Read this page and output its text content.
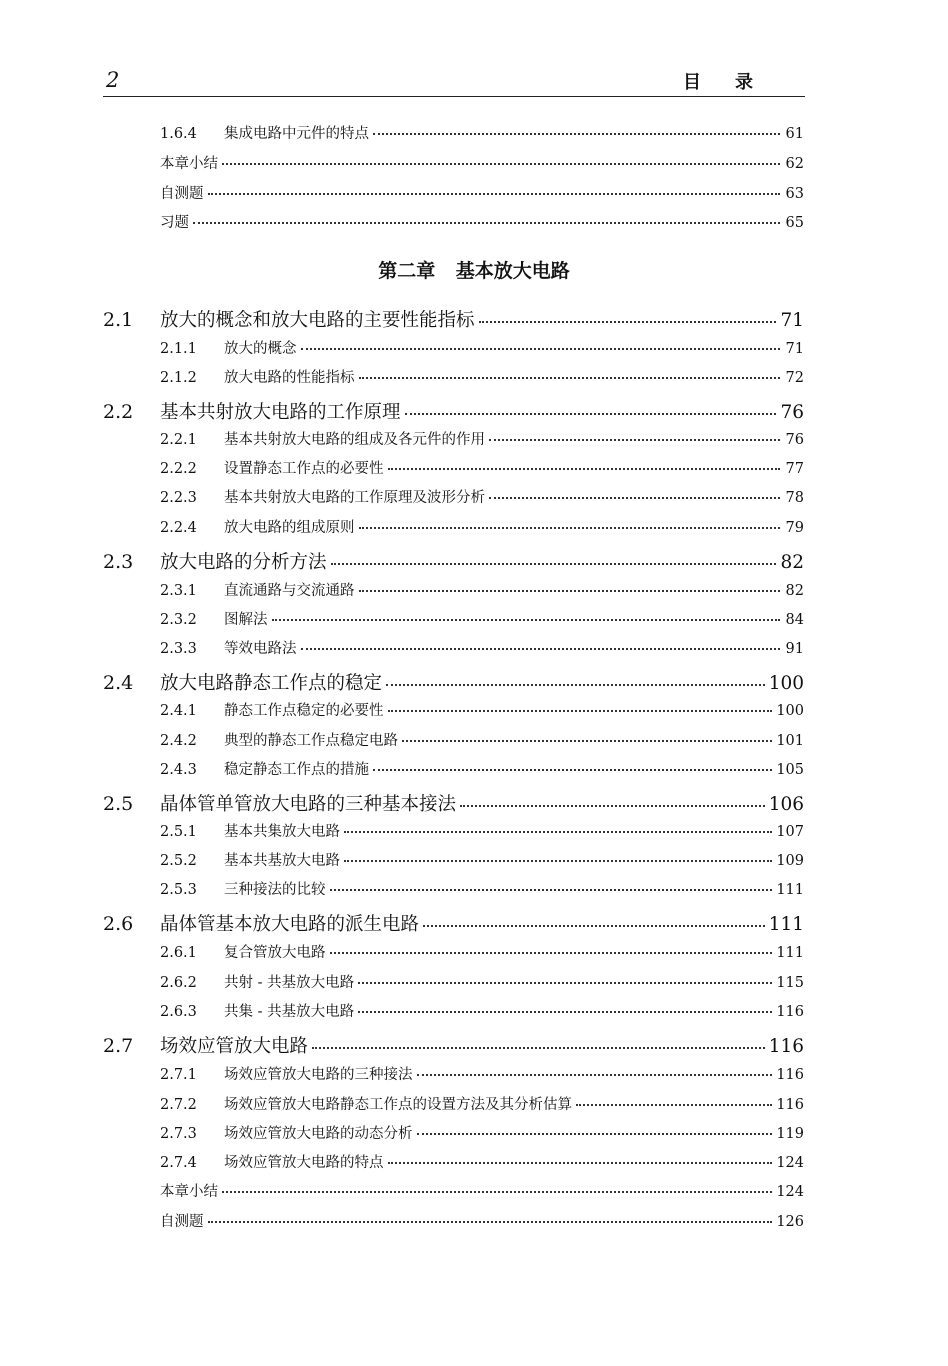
2	目录
第二章 基本放大电路
1.6.4	集成电路中元件的特点	61
本章小结	62
自测题	63
习题	65
2.1	放大的概念和放大电路的主要性能指标	71
2.1.1	放大的概念	71
2.1.2	放大电路的性能指标	72
2.2	基本共射放大电路的工作原理	76
2.2.1	基本共射放大电路的组成及各元件的作用	76
2.2.2	设置静态工作点的必要性	77
2.2.3	基本共射放大电路的工作原理及波形分析	78
2.2.4	放大电路的组成原则	79
2.3	放大电路的分析方法	82
2.3.1	直流通路与交流通路	82
2.3.2	图解法	84
2.3.3	等效电路法	91
2.4	放大电路静态工作点的稳定	100
2.4.1	静态工作点稳定的必要性	100
2.4.2	典型的静态工作点稳定电路	101
2.4.3	稳定静态工作点的措施	105
2.5	晶体管单管放大电路的三种基本接法	106
2.5.1	基本共集放大电路	107
2.5.2	基本共基放大电路	109
2.5.3	三种接法的比较	111
2.6	晶体管基本放大电路的派生电路	111
2.6.1	复合管放大电路	111
2.6.2	共射 - 共基放大电路	115
2.6.3	共集 - 共基放大电路	116
2.7	场效应管放大电路	116
2.7.1	场效应管放大电路的三种接法	116
2.7.2	场效应管放大电路静态工作点的设置方法及其分析估算	116
2.7.3	场效应管放大电路的动态分析	119
2.7.4	场效应管放大电路的特点	124
本章小结	124
自测题	126
